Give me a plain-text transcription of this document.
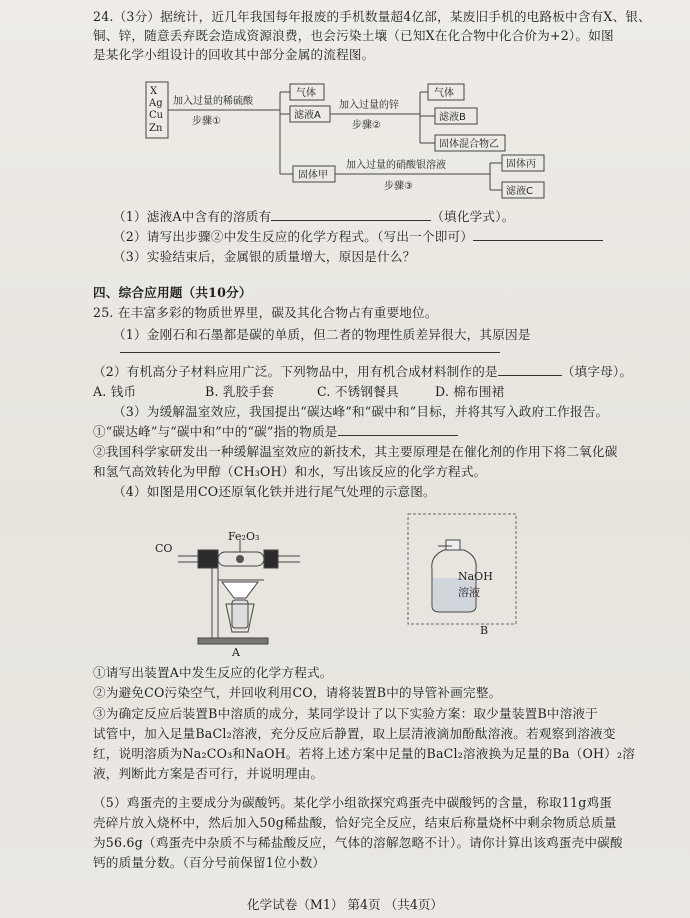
24.（3分）据统计，近几年我国每年报废的手机数量超4亿部，某废旧手机的电路板中含有X、银、
铜、锌，随意丢弃既会造成资源浪费，也会污染土壤（已知X在化合物中化合价为+2）。如图
是某化学小组设计的回收其中部分金属的流程图。
X
Ag
Cu
Zn
加入过量的稀硫酸
步骤①
气体
滤液A
加入过量的锌
步骤②
气体
滤液B
固体混合物乙
固体甲
加入过量的硝酸银溶液
步骤③
固体丙
滤液C
CO
Fe₂O₃
A
NaOH
溶液
B
（1）滤液A中含有的溶质有	（填化学式）。
（2）请写出步骤②中发生反应的化学方程式。（写出一个即可）
（3）实验结束后，金属银的质量增大，原因是什么？
四、综合应用题（共10分）
25. 在丰富多彩的物质世界里，碳及其化合物占有重要地位。
（1）金刚石和石墨都是碳的单质，但二者的物理性质差异很大，其原因是
（2）有机高分子材料应用广泛。下列物品中，用有机合成材料制作的是	（填字母）。
A. 钱币	B. 乳胶手套	C. 不锈钢餐具	D. 棉布围裙
（3）为缓解温室效应，我国提出“碳达峰”和“碳中和”目标，并将其写入政府工作报告。
①“碳达峰”与“碳中和”中的“碳”指的物质是
②我国科学家研发出一种缓解温室效应的新技术，其主要原理是在催化剂的作用下将二氧化碳
和氢气高效转化为甲醇（CH₃OH）和水，写出该反应的化学方程式。
（4）如图是用CO还原氧化铁并进行尾气处理的示意图。
①请写出装置A中发生反应的化学方程式。
②为避免CO污染空气，并回收利用CO，请将装置B中的导管补画完整。
③为确定反应后装置B中溶质的成分，某同学设计了以下实验方案：取少量装置B中溶液于
试管中，加入足量BaCl₂溶液，充分反应后静置，取上层清液滴加酚酞溶液。若观察到溶液变
红，说明溶质为Na₂CO₃和NaOH。若将上述方案中足量的BaCl₂溶液换为足量的Ba（OH）₂溶
液，判断此方案是否可行，并说明理由。
（5）鸡蛋壳的主要成分为碳酸钙。某化学小组欲探究鸡蛋壳中碳酸钙的含量，称取11g鸡蛋
壳碎片放入烧杯中，然后加入50g稀盐酸，恰好完全反应，结束后称量烧杯中剩余物质总质量
为56.6g（鸡蛋壳中杂质不与稀盐酸反应，气体的溶解忽略不计）。请你计算出该鸡蛋壳中碳酸
钙的质量分数。（百分号前保留1位小数）
化学试卷（M1） 第4页 （共4页）
